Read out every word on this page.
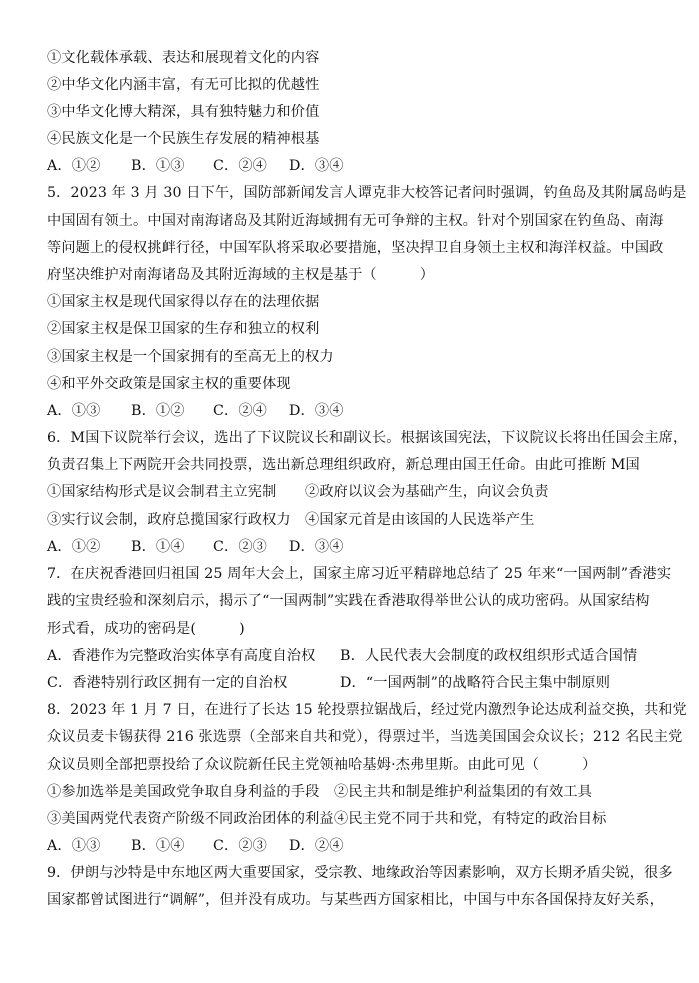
①文化载体承载、表达和展现着文化的内容
②中华文化内涵丰富，有无可比拟的优越性
③中华文化博大精深，具有独特魅力和价值
④民族文化是一个民族生存发展的精神根基
A．①② B．①③ C．②④ D．③④
5．2023 年 3 月 30 日下午，国防部新闻发言人谭克非大校答记者问时强调，钓鱼岛及其附属岛屿是
中国固有领土。中国对南海诸岛及其附近海域拥有无可争辩的主权。针对个别国家在钓鱼岛、南海
等问题上的侵权挑衅行径，中国军队将采取必要措施，坚决捍卫自身领土主权和海洋权益。中国政
府坚决维护对南海诸岛及其附近海域的主权是基于（　　　）
①国家主权是现代国家得以存在的法理依据
②国家主权是保卫国家的生存和独立的权利
③国家主权是一个国家拥有的至高无上的权力
④和平外交政策是国家主权的重要体现
A．①③ B．①② C．②④ D．③④
6．M国下议院举行会议，选出了下议院议长和副议长。根据该国宪法，下议院议长将出任国会主席，
负责召集上下两院开会共同投票，选出新总理组织政府，新总理由国王任命。由此可推断 M国
①国家结构形式是议会制君主立宪制 ②政府以议会为基础产生，向议会负责
③实行议会制，政府总揽国家行政权力 ④国家元首是由该国的人民选举产生
A．①② B．①④ C．②③ D．③④
7．在庆祝香港回归祖国 25 周年大会上，国家主席习近平精辟地总结了 25 年来“一国两制”香港实
践的宝贵经验和深刻启示，揭示了“一国两制”实践在香港取得举世公认的成功密码。从国家结构
形式看，成功的密码是(　　　)
A．香港作为完整政治实体享有高度自治权 B．人民代表大会制度的政权组织形式适合国情
C．香港特别行政区拥有一定的自治权	D．“一国两制”的战略符合民主集中制原则
8．2023 年 1 月 7 日，在进行了长达 15 轮投票拉锯战后，经过党内激烈争论达成利益交换，共和党
众议员麦卡锡获得 216 张选票（全部来自共和党），得票过半，当选美国国会众议长；212 名民主党
众议员则全部把票投给了众议院新任民主党领袖哈基姆·杰弗里斯。由此可见（　　　）
①参加选举是美国政党争取自身利益的手段 ②民主共和制是维护利益集团的有效工具
③美国两党代表资产阶级不同政治团体的利益④民主党不同于共和党，有特定的政治目标
A．①③ B．①④ C．②③ D．②④
9．伊朗与沙特是中东地区两大重要国家，受宗教、地缘政治等因素影响，双方长期矛盾尖锐，很多
国家都曾试图进行“调解”，但并没有成功。与某些西方国家相比，中国与中东各国保持友好关系，
